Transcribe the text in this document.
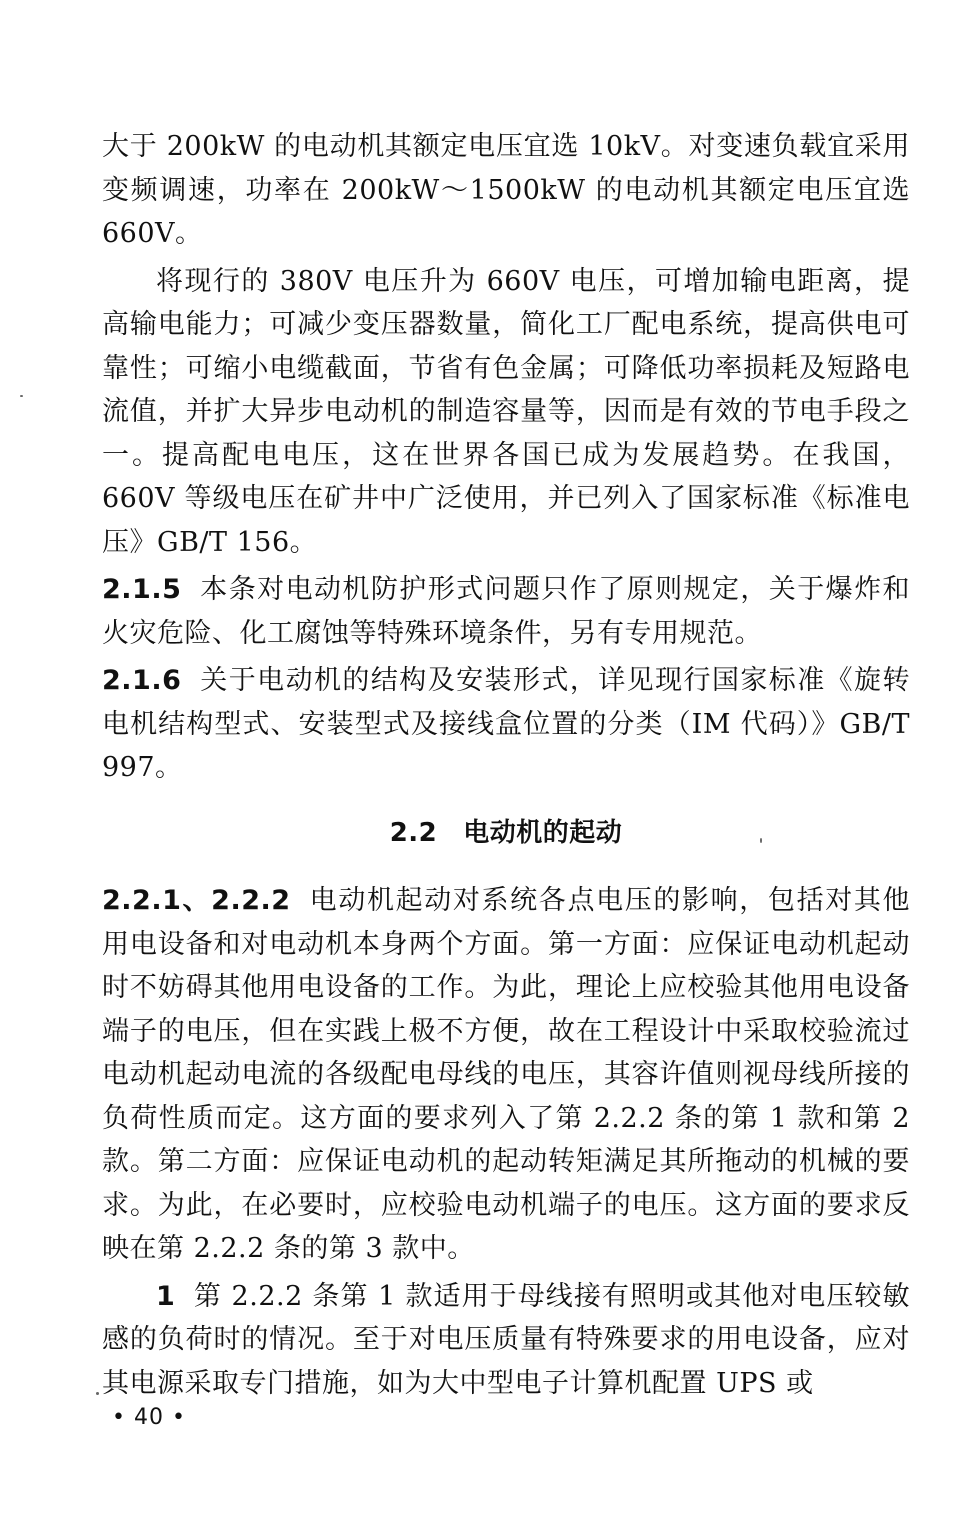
大于 200kW 的电动机其额定电压宜选 10kV。对变速负载宜采用变频调速，功率在 200kW～1500kW 的电动机其额定电压宜选 660V。

将现行的 380V 电压升为 660V 电压，可增加输电距离，提高输电能力；可减少变压器数量，简化工厂配电系统，提高供电可靠性；可缩小电缆截面，节省有色金属；可降低功率损耗及短路电流值，并扩大异步电动机的制造容量等，因而是有效的节电手段之一。提高配电电压，这在世界各国已成为发展趋势。在我国，660V 等级电压在矿井中广泛使用，并已列入了国家标准《标准电压》GB/T 156。

2.1.5 本条对电动机防护形式问题只作了原则规定，关于爆炸和火灾危险、化工腐蚀等特殊环境条件，另有专用规范。

2.1.6 关于电动机的结构及安装形式，详见现行国家标准《旋转电机结构型式、安装型式及接线盒位置的分类（IM 代码）》GB/T 997。

2.2 电动机的起动

2.2.1、2.2.2 电动机起动对系统各点电压的影响，包括对其他用电设备和对电动机本身两个方面。第一方面：应保证电动机起动时不妨碍其他用电设备的工作。为此，理论上应校验其他用电设备端子的电压，但在实践上极不方便，故在工程设计中采取校验流过电动机起动电流的各级配电母线的电压，其容许值则视母线所接的负荷性质而定。这方面的要求列入了第 2.2.2 条的第 1 款和第 2 款。第二方面：应保证电动机的起动转矩满足其所拖动的机械的要求。为此，在必要时，应校验电动机端子的电压。这方面的要求反映在第 2.2.2 条的第 3 款中。

1 第 2.2.2 条第 1 款适用于母线接有照明或其他对电压较敏感的负荷时的情况。至于对电压质量有特殊要求的用电设备，应对其电源采取专门措施，如为大中型电子计算机配置 UPS 或

• 40 •
